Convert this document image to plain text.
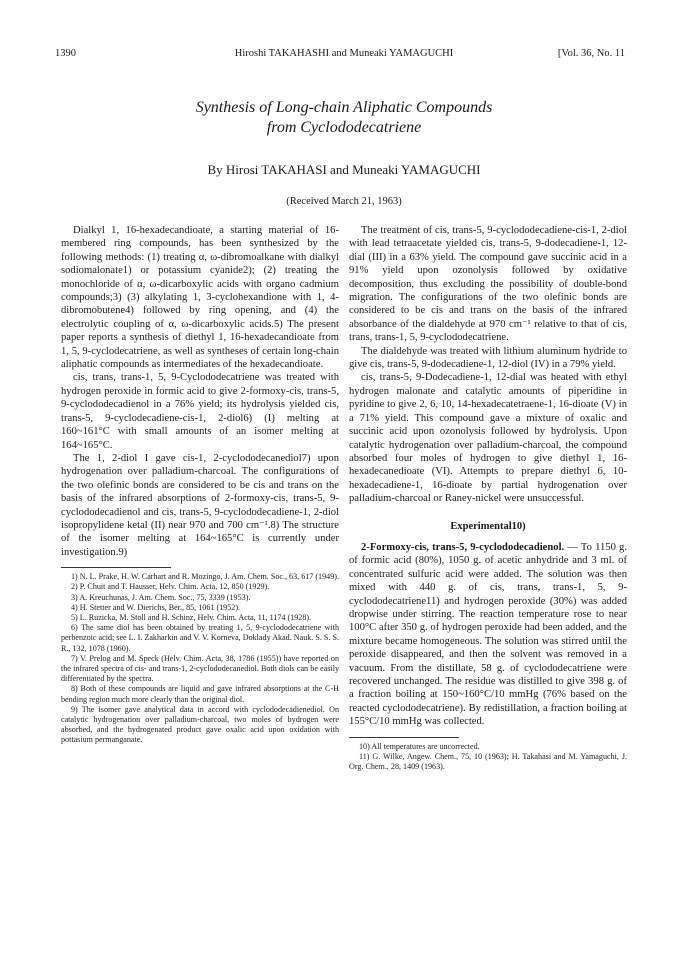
1390	Hiroshi TAKAHASHI and Muneaki YAMAGUCHI	[Vol. 36, No. 11
Synthesis of Long-chain Aliphatic Compounds
from Cyclododecatriene
By Hirosi TAKAHASI and Muneaki YAMAGUCHI
(Received March 21, 1963)

Dialkyl 1, 16-hexadecandioate, a starting material of 16-membered ring compounds, has been synthesized by the following methods: (1) treating α, ω-dibromoalkane with dialkyl sodiomalonate1) or potassium cyanide2); (2) treating the monochloride of α, ω-dicarboxylic acids with organo cadmium compounds;3) (3) alkylating 1, 3-cyclohexandione with 1, 4-dibromobutene4) followed by ring opening, and (4) the electrolytic coupling of α, ω-dicarboxylic acids.5) The present paper reports a synthesis of diethyl 1, 16-hexadecandioate from 1, 5, 9-cyclodecatriene, as well as syntheses of certain long-chain aliphatic compounds as intermediates of the hexadecandioate.

cis, trans, trans-1, 5, 9-Cyclododecatriene was treated with hydrogen peroxide in formic acid to give 2-formoxy-cis, trans-5, 9-cyclododecadienol in a 76% yield; its hydrolysis yielded cis, trans-5, 9-cyclodecadiene-cis-1, 2-diol6) (I) melting at 160~161°C with small amounts of an isomer melting at 164~165°C.

The 1, 2-diol I gave cis-1, 2-cyclododecanediol7) upon hydrogenation over palladium-charcoal. The configurations of the two olefinic bonds are considered to be cis and trans on the basis of the infrared absorptions of 2-formoxy-cis, trans-5, 9-cyclododecadienol and cis, trans-5, 9-cyclododecadiene-1, 2-diol isopropylidene ketal (II) near 970 and 700 cm⁻¹.8) The structure of the isomer melting at 164~165°C is currently under investigation.9)

1) N. L. Prake, H. W. Carhart and R. Mozingo, J. Am. Chem. Soc., 63, 617 (1949).

2) P. Chuit and T. Hausser, Helv. Chim. Acta, 12, 850 (1929).

3) A. Kreuchunas, J. Am. Chem. Soc., 75, 3339 (1953).

4) H. Stetter and W. Dierichs, Ber., 85, 1061 (1952).

5) L. Ruzicka, M. Stoll and H. Schinz, Helv. Chim. Acta, 11, 1174 (1928).

6) The same diol has been obtained by treating 1, 5, 9-cyclododecatriene with perbenzoic acid; see L. I. Zakharkin and V. V. Korneva, Doklady Akad. Nauk. S. S. S. R., 132, 1078 (1960).

7) V. Prelog and M. Speck (Helv. Chim. Acta, 38, 1786 (1955)) have reported on the infrared spectra of cis- and trans-1, 2-cyclododecanediol. Both diols can be easily differentiated by the spectra.

8) Both of these compounds are liquid and gave infrared absorptions at the C-H bending region much more clearly than the original diol.

9) The isomer gave analytical data in accord with cyclododecadienediol. On catalytic hydrogenation over palladium-charcoal, two moles of hydrogen were absorbed, and the hydrogenated product gave oxalic acid upon oxidation with pottasium permanganate.

The treatment of cis, trans-5, 9-cyclododecadiene-cis-1, 2-diol with lead tetraacetate yielded cis, trans-5, 9-dodecadiene-1, 12-dial (III) in a 63% yield. The compound gave succinic acid in a 91% yield upon ozonolysis followed by oxidative decomposition, thus excluding the possibility of double-bond migration. The configurations of the two olefinic bonds are considered to be cis and trans on the basis of the infrared absorbance of the dialdehyde at 970 cm⁻¹ relative to that of cis, trans, trans-1, 5, 9-cyclododecatriene.

The dialdehyde was treated with lithium aluminum hydride to give cis, trans-5, 9-dodecadiene-1, 12-diol (IV) in a 79% yield.

cis, trans-5, 9-Dodecadiene-1, 12-dial was heated with ethyl hydrogen malonate and catalytic amounts of piperidine in pyridine to give 2, 6, 10, 14-hexadecatetraene-1, 16-dioate (V) in a 71% yield. This compound gave a mixture of oxalic and succinic acid upon ozonolysis followed by hydrolysis. Upon catalytic hydrogenation over palladium-charcoal, the compound absorbed four moles of hydrogen to give diethyl 1, 16-hexadecanedioate (VI). Attempts to prepare diethyl 6, 10-hexadecadiene-1, 16-dioate by partial hydrogenation over palladium-charcoal or Raney-nickel were unsuccessful.

Experimental10)

2-Formoxy-cis, trans-5, 9-cyclododecadienol. — To 1150 g. of formic acid (80%), 1050 g. of acetic anhydride and 3 ml. of concentrated sulfuric acid were added. The solution was then mixed with 440 g. of cis, trans, trans-1, 5, 9-cyclododecatriene11) and hydrogen peroxide (30%) was added dropwise under stirring. The reaction temperature rose to near 100°C after 350 g. of hydrogen peroxide had been added, and the mixture became homogeneous. The solution was stirred until the peroxide disappeared, and then the solvent was removed in a vacuum. From the distillate, 58 g. of cyclododecatriene were recovered unchanged. The residue was distilled to give 398 g. of a fraction boiling at 150~160°C/10 mmHg (76% based on the reacted cyclododecatriene). By redistillation, a fraction boiling at 155°C/10 mmHg was collected.

10) All temperatures are uncorrected.

11) G. Wilke, Angew. Chem., 75, 10 (1963); H. Takahasi and M. Yamaguchi, J. Org. Chem., 28, 1409 (1963).
